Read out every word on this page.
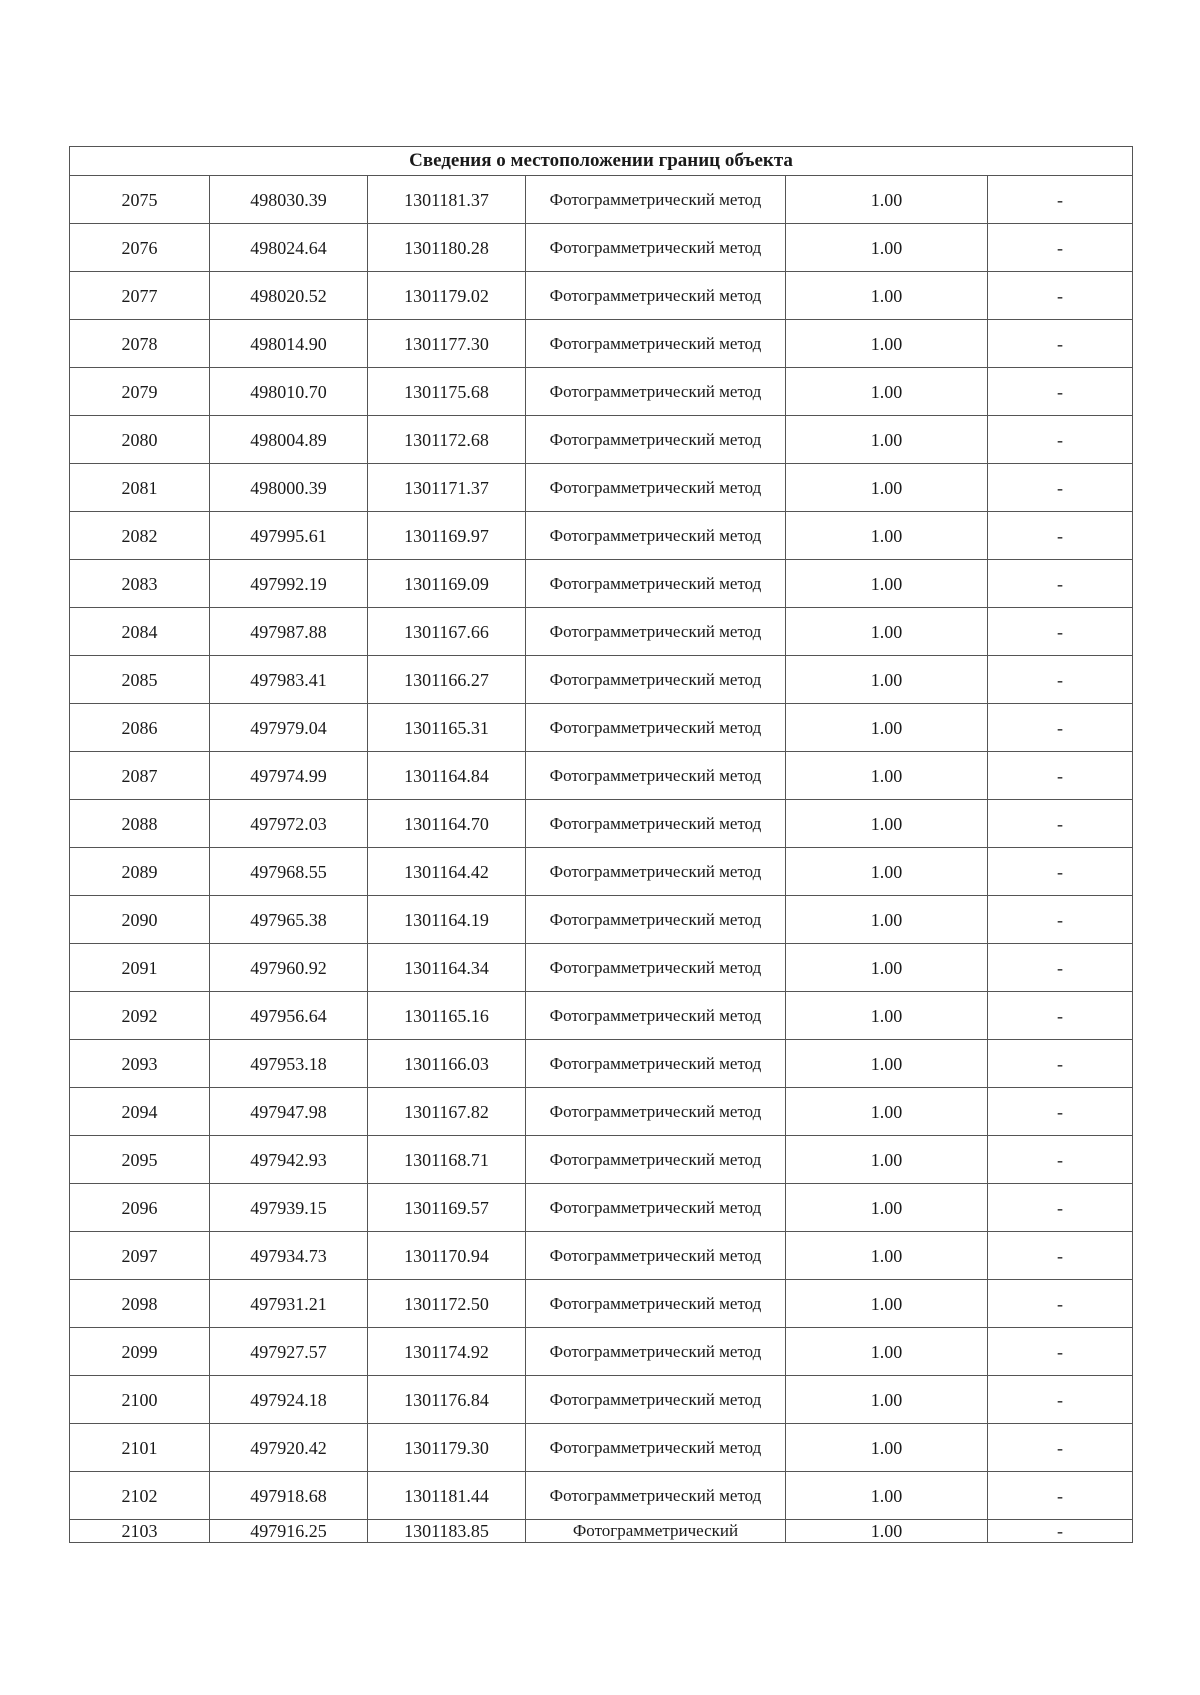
Сведения о местоположении границ объекта					
2075	498030.39	1301181.37	Фотограмметрический метод	1.00	-
2076	498024.64	1301180.28	Фотограмметрический метод	1.00	-
2077	498020.52	1301179.02	Фотограмметрический метод	1.00	-
2078	498014.90	1301177.30	Фотограмметрический метод	1.00	-
2079	498010.70	1301175.68	Фотограмметрический метод	1.00	-
2080	498004.89	1301172.68	Фотограмметрический метод	1.00	-
2081	498000.39	1301171.37	Фотограмметрический метод	1.00	-
2082	497995.61	1301169.97	Фотограмметрический метод	1.00	-
2083	497992.19	1301169.09	Фотограмметрический метод	1.00	-
2084	497987.88	1301167.66	Фотограмметрический метод	1.00	-
2085	497983.41	1301166.27	Фотограмметрический метод	1.00	-
2086	497979.04	1301165.31	Фотограмметрический метод	1.00	-
2087	497974.99	1301164.84	Фотограмметрический метод	1.00	-
2088	497972.03	1301164.70	Фотограмметрический метод	1.00	-
2089	497968.55	1301164.42	Фотограмметрический метод	1.00	-
2090	497965.38	1301164.19	Фотограмметрический метод	1.00	-
2091	497960.92	1301164.34	Фотограмметрический метод	1.00	-
2092	497956.64	1301165.16	Фотограмметрический метод	1.00	-
2093	497953.18	1301166.03	Фотограмметрический метод	1.00	-
2094	497947.98	1301167.82	Фотограмметрический метод	1.00	-
2095	497942.93	1301168.71	Фотограмметрический метод	1.00	-
2096	497939.15	1301169.57	Фотограмметрический метод	1.00	-
2097	497934.73	1301170.94	Фотограмметрический метод	1.00	-
2098	497931.21	1301172.50	Фотограмметрический метод	1.00	-
2099	497927.57	1301174.92	Фотограмметрический метод	1.00	-
2100	497924.18	1301176.84	Фотограмметрический метод	1.00	-
2101	497920.42	1301179.30	Фотограмметрический метод	1.00	-
2102	497918.68	1301181.44	Фотограмметрический метод	1.00	-
2103	497916.25	1301183.85	Фотограмметрический	1.00	-
